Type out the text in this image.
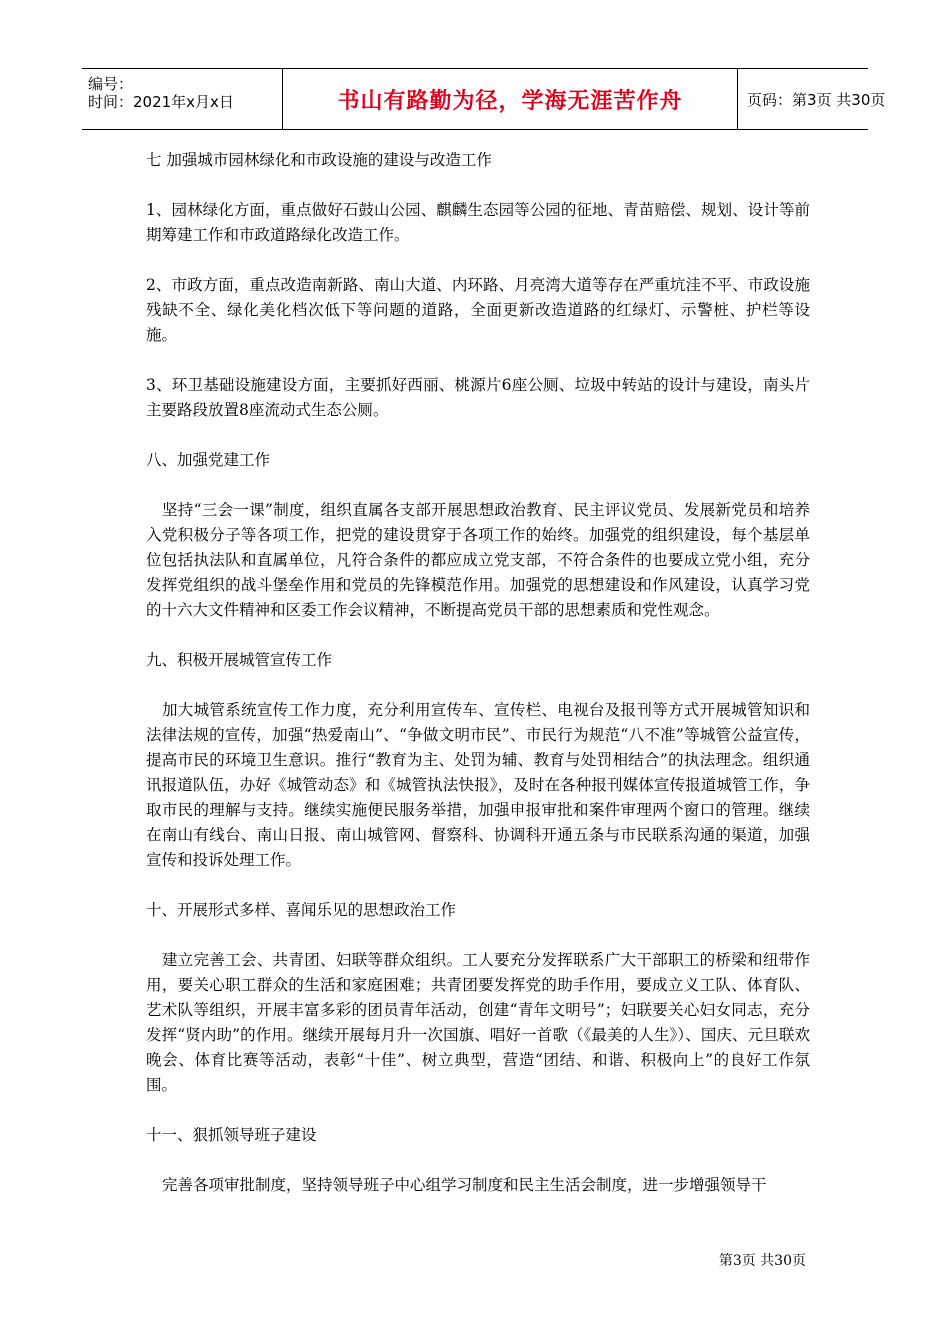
编号：
时间：2021年x月x日	书山有路勤为径，学海无涯苦作舟	页码：第3页 共30页

七 加强城市园林绿化和市政设施的建设与改造工作

1、园林绿化方面，重点做好石鼓山公园、麒麟生态园等公园的征地、青苗赔偿、规划、设计等前期筹建工作和市政道路绿化改造工作。

2、市政方面，重点改造南新路、南山大道、内环路、月亮湾大道等存在严重坑洼不平、市政设施残缺不全、绿化美化档次低下等问题的道路，全面更新改造道路的红绿灯、示警桩、护栏等设施。

3、环卫基础设施建设方面，主要抓好西丽、桃源片6座公厕、垃圾中转站的设计与建设，南头片主要路段放置8座流动式生态公厕。

八、加强党建工作

坚持“三会一课”制度，组织直属各支部开展思想政治教育、民主评议党员、发展新党员和培养入党积极分子等各项工作，把党的建设贯穿于各项工作的始终。加强党的组织建设，每个基层单位包括执法队和直属单位，凡符合条件的都应成立党支部，不符合条件的也要成立党小组，充分发挥党组织的战斗堡垒作用和党员的先锋模范作用。加强党的思想建设和作风建设，认真学习党的十六大文件精神和区委工作会议精神，不断提高党员干部的思想素质和党性观念。

九、积极开展城管宣传工作

加大城管系统宣传工作力度，充分利用宣传车、宣传栏、电视台及报刊等方式开展城管知识和法律法规的宣传，加强“热爱南山”、“争做文明市民”、市民行为规范“八不准”等城管公益宣传，提高市民的环境卫生意识。推行“教育为主、处罚为辅、教育与处罚相结合”的执法理念。组织通讯报道队伍，办好《城管动态》和《城管执法快报》，及时在各种报刊媒体宣传报道城管工作，争取市民的理解与支持。继续实施便民服务举措，加强申报审批和案件审理两个窗口的管理。继续在南山有线台、南山日报、南山城管网、督察科、协调科开通五条与市民联系沟通的渠道，加强宣传和投诉处理工作。

十、开展形式多样、喜闻乐见的思想政治工作

建立完善工会、共青团、妇联等群众组织。工人要充分发挥联系广大干部职工的桥梁和纽带作用，要关心职工群众的生活和家庭困难；共青团要发挥党的助手作用，要成立义工队、体育队、艺术队等组织，开展丰富多彩的团员青年活动，创建“青年文明号”；妇联要关心妇女同志，充分发挥“贤内助”的作用。继续开展每月升一次国旗、唱好一首歌（《最美的人生》）、国庆、元旦联欢晚会、体育比赛等活动，表彰“十佳”、树立典型，营造“团结、和谐、积极向上”的良好工作氛围。

十一、狠抓领导班子建设

完善各项审批制度，坚持领导班子中心组学习制度和民主生活会制度，进一步增强领导干

第3页 共30页
